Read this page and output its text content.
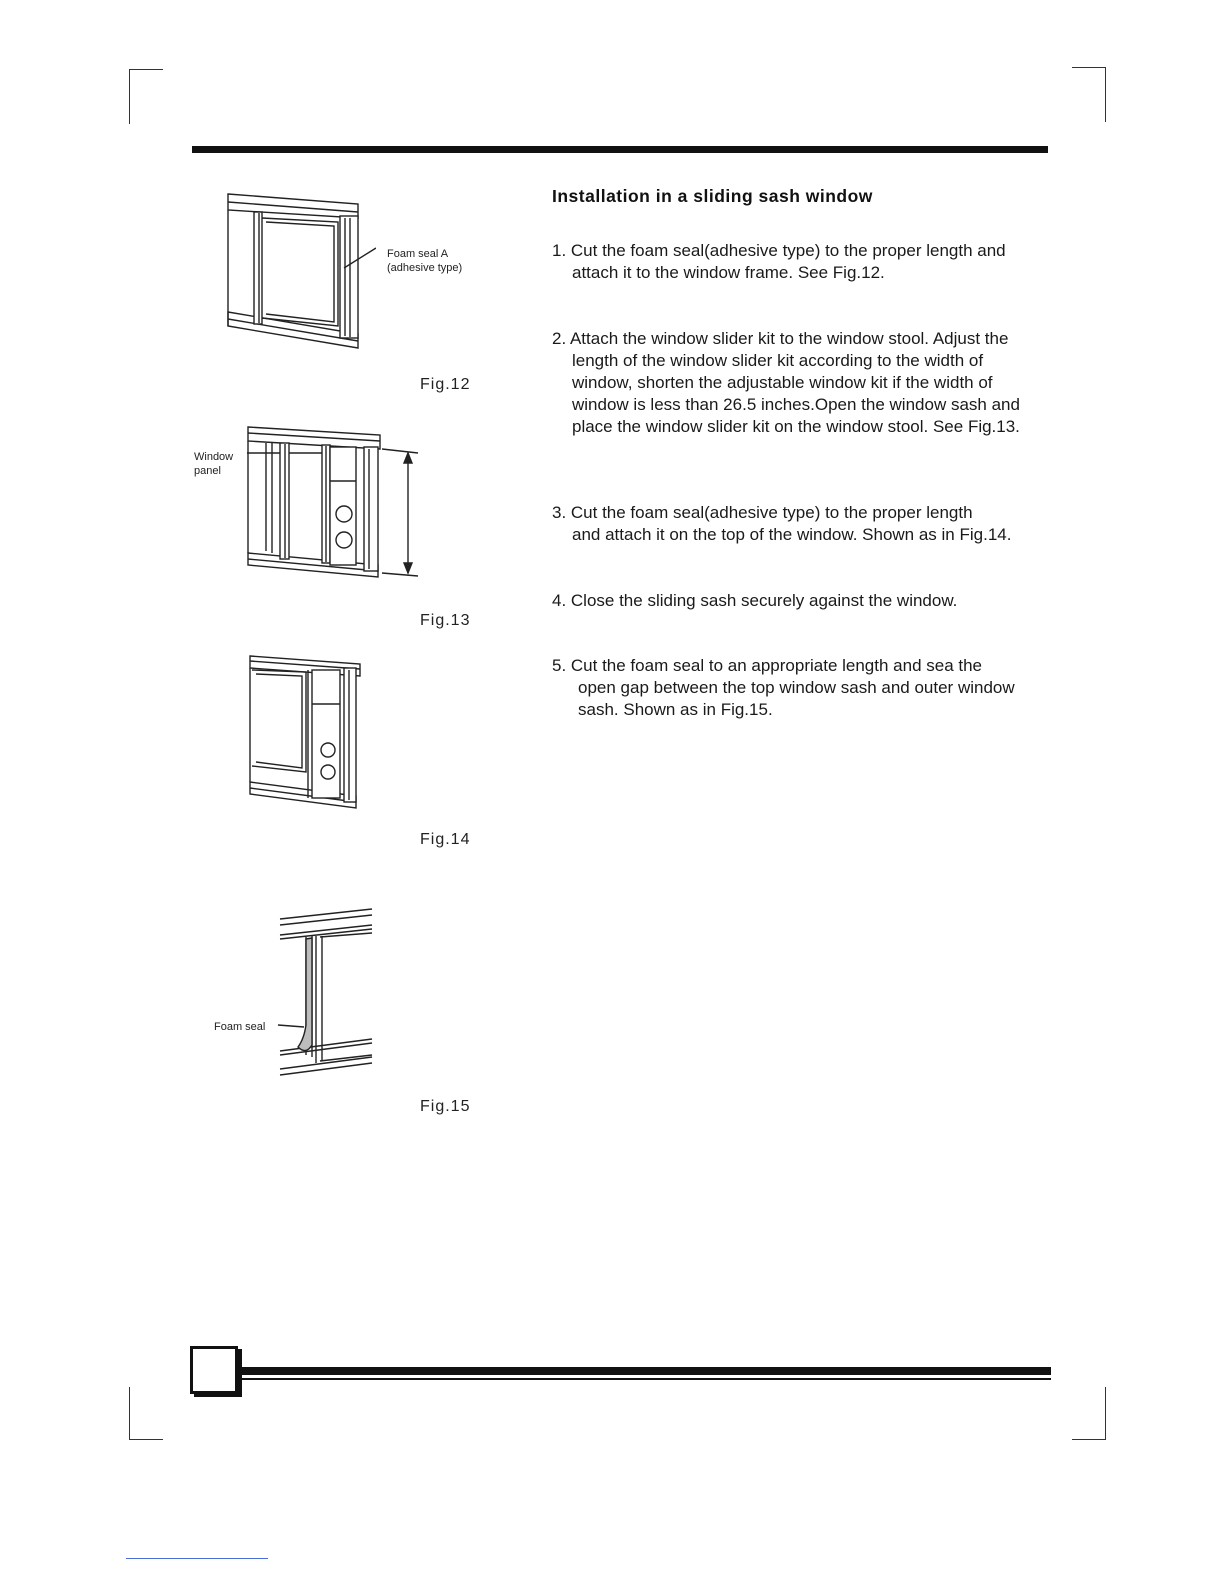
Foam seal A
(adhesive type)
Fig.12
Window
panel
Fig.13
Fig.14
Foam seal
Fig.15
Installation in a sliding sash window
1. Cut the foam seal(adhesive type) to the proper length and
attach it to the window frame. See Fig.12.
2. Attach the window slider kit to the window stool. Adjust the
length of the window slider kit according to the width of
window, shorten the adjustable window kit if the width of
window is less than 26.5 inches.Open the window sash and
place the window slider kit on the window stool. See Fig.13.
3. Cut the foam seal(adhesive type) to the proper length
and attach it on the top of the window. Shown as in Fig.14.
4. Close the sliding sash securely against the window.
5. Cut the foam seal to an appropriate length and sea the
open gap between the top window sash and outer window
sash. Shown as in Fig.15.
